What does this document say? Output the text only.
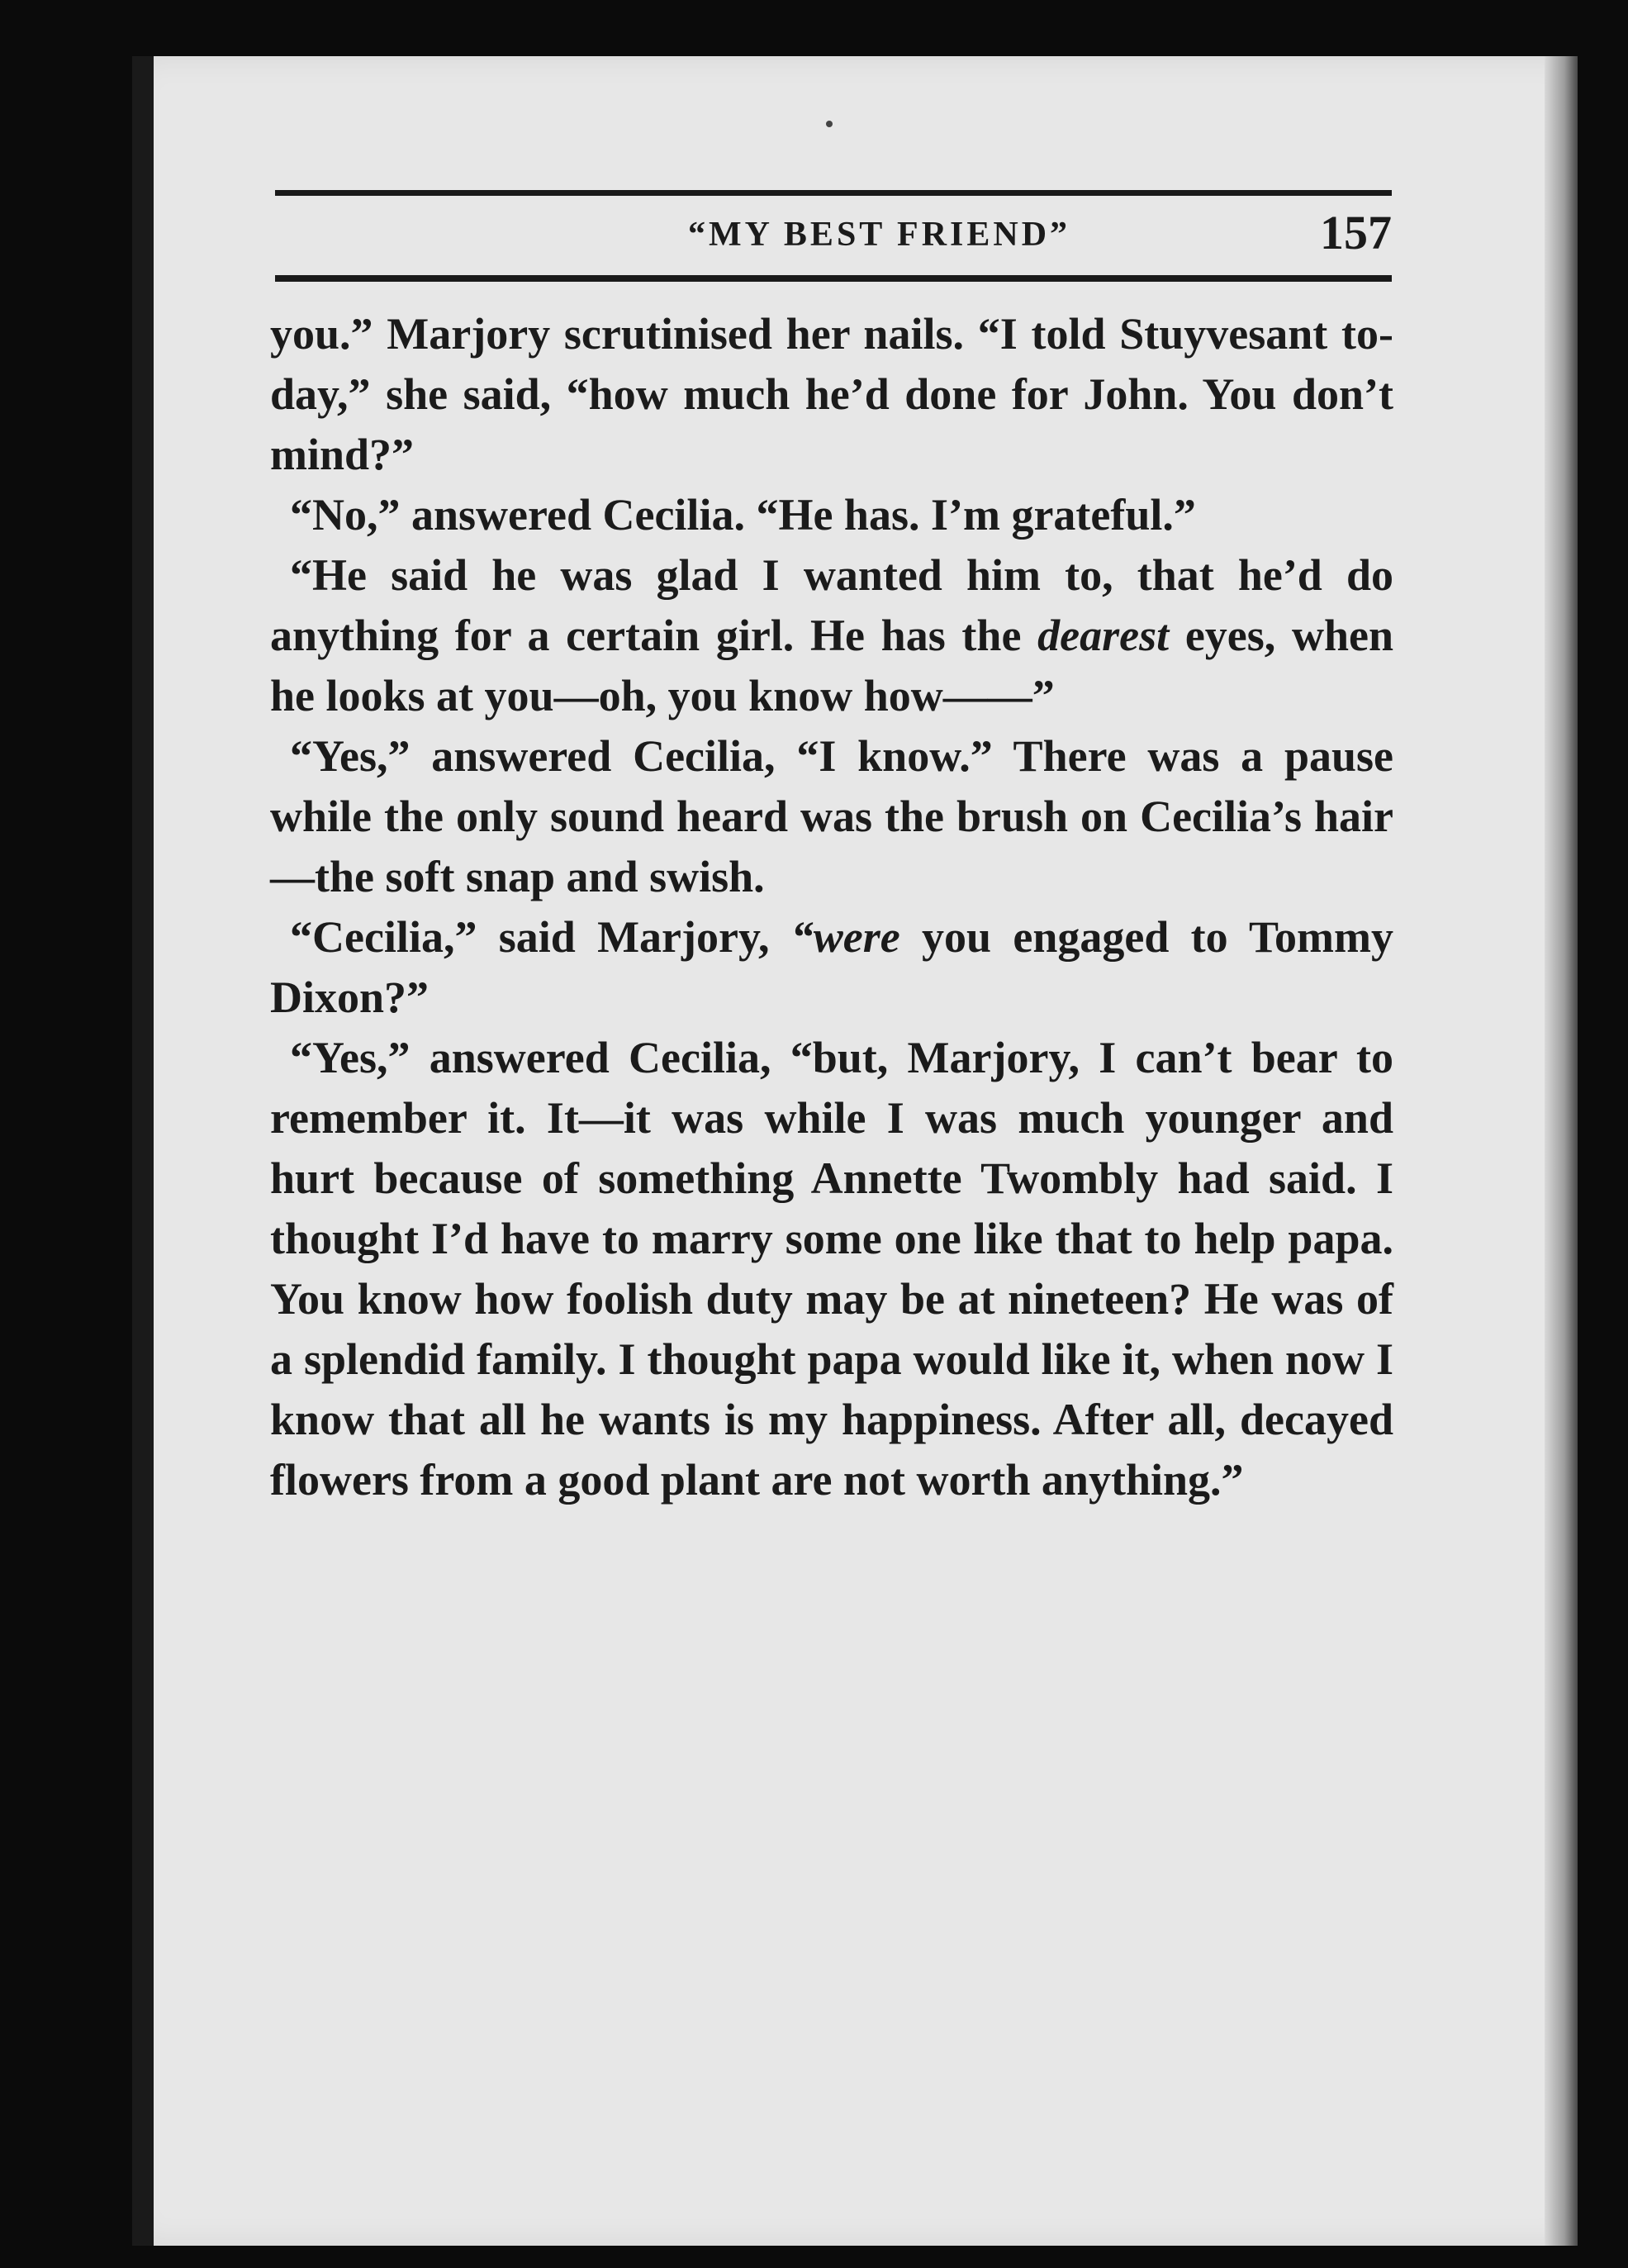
“MY BEST FRIEND”	157

you.” Marjory scrutinised her nails. “I told Stuyvesant to-day,” she said, “how much he’d done for John. You don’t mind?”

“No,” answered Cecilia. “He has. I’m grateful.”

“He said he was glad I wanted him to, that he’d do anything for a certain girl. He has the dearest eyes, when he looks at you—oh, you know how——”

“Yes,” answered Cecilia, “I know.” There was a pause while the only sound heard was the brush on Cecilia’s hair—the soft snap and swish.

“Cecilia,” said Marjory, “were you engaged to Tommy Dixon?”

“Yes,” answered Cecilia, “but, Marjory, I can’t bear to remember it. It—it was while I was much younger and hurt because of something Annette Twombly had said. I thought I’d have to marry some one like that to help papa. You know how foolish duty may be at nineteen? He was of a splendid family. I thought papa would like it, when now I know that all he wants is my happiness. After all, decayed flowers from a good plant are not worth anything.”
